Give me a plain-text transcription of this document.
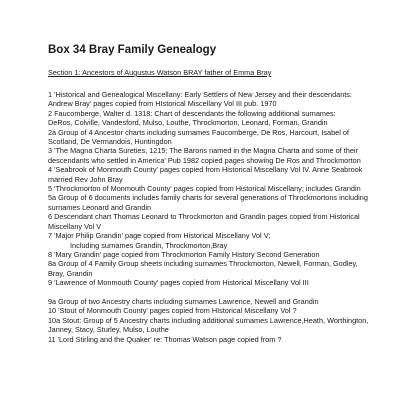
Box 34 Bray Family Genealogy
Section 1: Ancestors of Augustus Watson BRAY father of Emma Bray

1 'Historical and Genealogical Miscellany: Early Settlers of New Jersey and their descendants: Andrew Bray' pages copied from HIstorical Miscellany Vol III pub. 1970

2 Faucomberge, Walter d. 1318: Chart of descendants the following additional surnames:

DeRos, Colville, Vandesford, Mulso, Louthe, Throckmorton, Leonard, Forman, Grandin

2a Group of 4 Ancestor charts including surnames Faucomberge, De Ros, Harcourt, Isabel of Scotland, De Vermandois, Huntingdon

3 'The Magna Charta Sureties, 1215: The Barons named in the Magna Charta and some of their descendants who settled in America' Pub 1982 copied pages showing De Ros and Throckmorton

4 'Seabrook of Monmouth County' pages copied from Historical Miscellany Vol IV. Anne Seabrook married Rev John Bray

5 'Throckmorton of Monmouth County' pages copied from Historical Miscellany; includes Grandin

5a Group of 6 documents includes family charts for several generations of Throckmortons including surnames Leonard and Grandin

6 Descendant chart Thomas Leonard to Throckmorton and Grandin pages copied from Historical Miscellany Vol V

7 'Major Philip Grandin' page copied from Historical Miscellany Vol V;

Including surnames Grandin, Throckmorton,Bray

8 'Mary Grandin' page copied from Throckmorton Family History Second Generation

8a Group of 4 Family Group sheets including surnames Throckmorton, Newell, Forman, Godley, Bray, Grandin

9 'Lawrence of Monmouth County' pages copied from Historical Miscellany Vol III

9a Group of two Ancestry charts including surnames Lawrence, Newell and Grandin

10 'Stout of Monmouth County' pages copied from HIstorical Miscellany Vol ?

10a Stout: Group of 5 Ancestry charts including additional surnames Lawrence,Heath, Worthington, Janney, Stacy, Sturley, Mulso, Louthe

11 'Lord Stirling and the Quaker' re: Thomas Watson page copied from ?
